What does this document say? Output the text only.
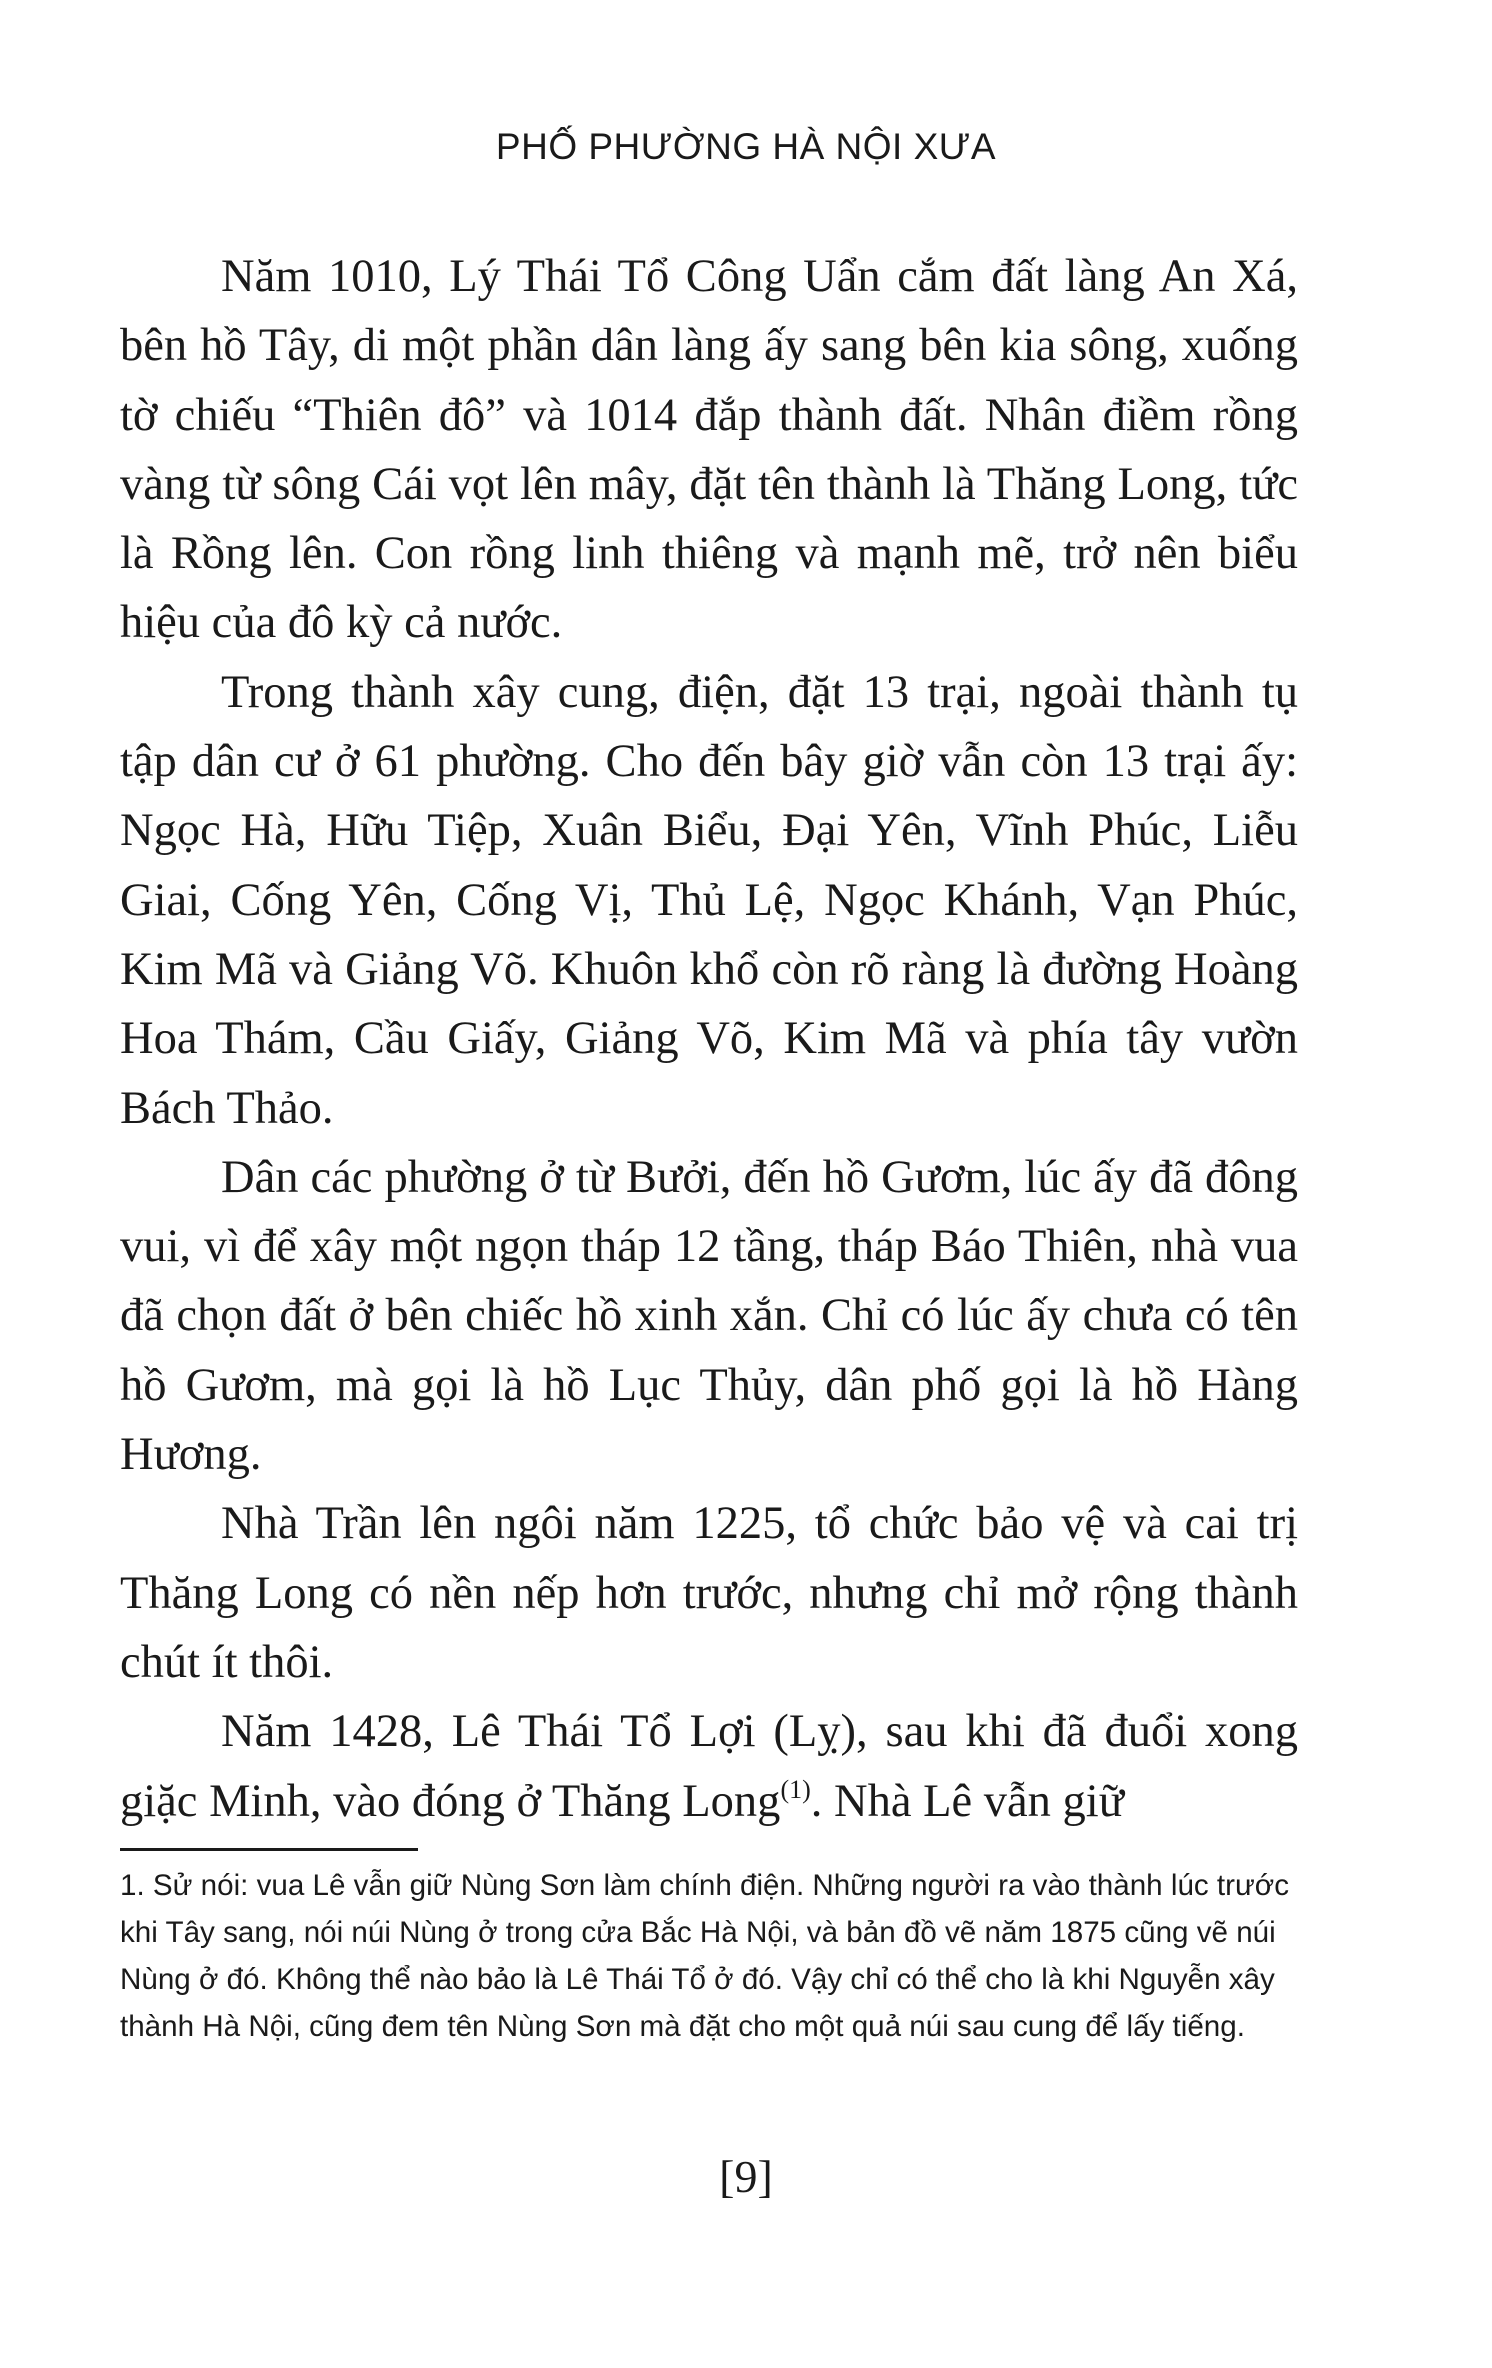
PHỐ PHƯỜNG HÀ NỘI XƯA

Năm 1010, Lý Thái Tổ Công Uẩn cắm đất làng An Xá, bên hồ Tây, di một phần dân làng ấy sang bên kia sông, xuống tờ chiếu “Thiên đô” và 1014 đắp thành đất. Nhân điềm rồng vàng từ sông Cái vọt lên mây, đặt tên thành là Thăng Long, tức là Rồng lên. Con rồng linh thiêng và mạnh mẽ, trở nên biểu hiệu của đô kỳ cả nước.

Trong thành xây cung, điện, đặt 13 trại, ngoài thành tụ tập dân cư ở 61 phường. Cho đến bây giờ vẫn còn 13 trại ấy: Ngọc Hà, Hữu Tiệp, Xuân Biểu, Đại Yên, Vĩnh Phúc, Liễu Giai, Cống Yên, Cống Vị, Thủ Lệ, Ngọc Khánh, Vạn Phúc, Kim Mã và Giảng Võ. Khuôn khổ còn rõ ràng là đường Hoàng Hoa Thám, Cầu Giấy, Giảng Võ, Kim Mã và phía tây vườn Bách Thảo.

Dân các phường ở từ Bưởi, đến hồ Gươm, lúc ấy đã đông vui, vì để xây một ngọn tháp 12 tầng, tháp Báo Thiên, nhà vua đã chọn đất ở bên chiếc hồ xinh xắn. Chỉ có lúc ấy chưa có tên hồ Gươm, mà gọi là hồ Lục Thủy, dân phố gọi là hồ Hàng Hương.

Nhà Trần lên ngôi năm 1225, tổ chức bảo vệ và cai trị Thăng Long có nền nếp hơn trước, nhưng chỉ mở rộng thành chút ít thôi.

Năm 1428, Lê Thái Tổ Lợi (Lỵ), sau khi đã đuổi xong giặc Minh, vào đóng ở Thăng Long$^{(1)}$. Nhà Lê vẫn giữ

1. Sử nói: vua Lê vẫn giữ Nùng Sơn làm chính điện. Những người ra vào thành lúc trước khi Tây sang, nói núi Nùng ở trong cửa Bắc Hà Nội, và bản đồ vẽ năm 1875 cũng vẽ núi Nùng ở đó. Không thể nào bảo là Lê Thái Tổ ở đó. Vậy chỉ có thể cho là khi Nguyễn xây thành Hà Nội, cũng đem tên Nùng Sơn mà đặt cho một quả núi sau cung để lấy tiếng.
[9]
